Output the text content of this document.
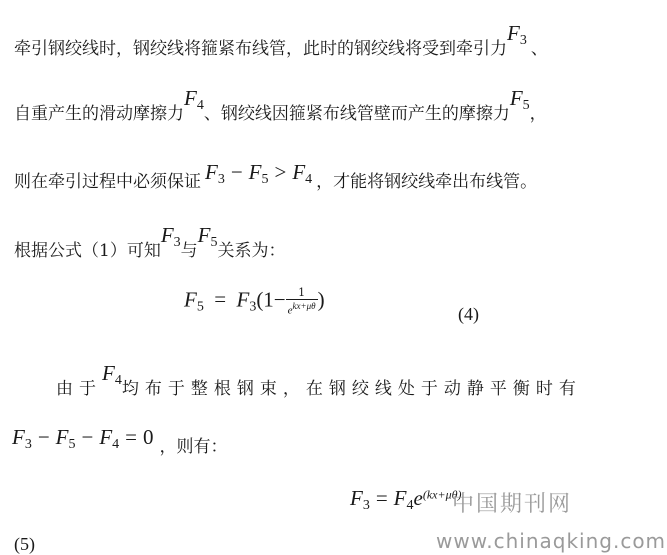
牵引钢绞线时，钢绞线将箍紧布线管，此时的钢绞线将受到牵引力$F_3$ 、
自重产生的滑动摩擦力$F_4$、钢绞线因箍紧布线管壁而产生的摩擦力$F_5$，
则在牵引过程中必须保证 $F_3 - F_5 > F_4$ ，才能将钢绞线牵出布线管。
根据公式（1）可知$F_3$与$F_5$关系为：
$F_5 = F_3(1- \frac{1}{e^{kx+\mu\theta}}$ )
(4)
由于$F_4$均布于整根钢束，在钢绞线处于动静平衡时有
$F_3 - F_5 - F_4 = 0$ ，则有：
$F_3 = F_4e^{(kx+\mu\theta)}$
(5)
中国期刊网
www.chinaqking.com
